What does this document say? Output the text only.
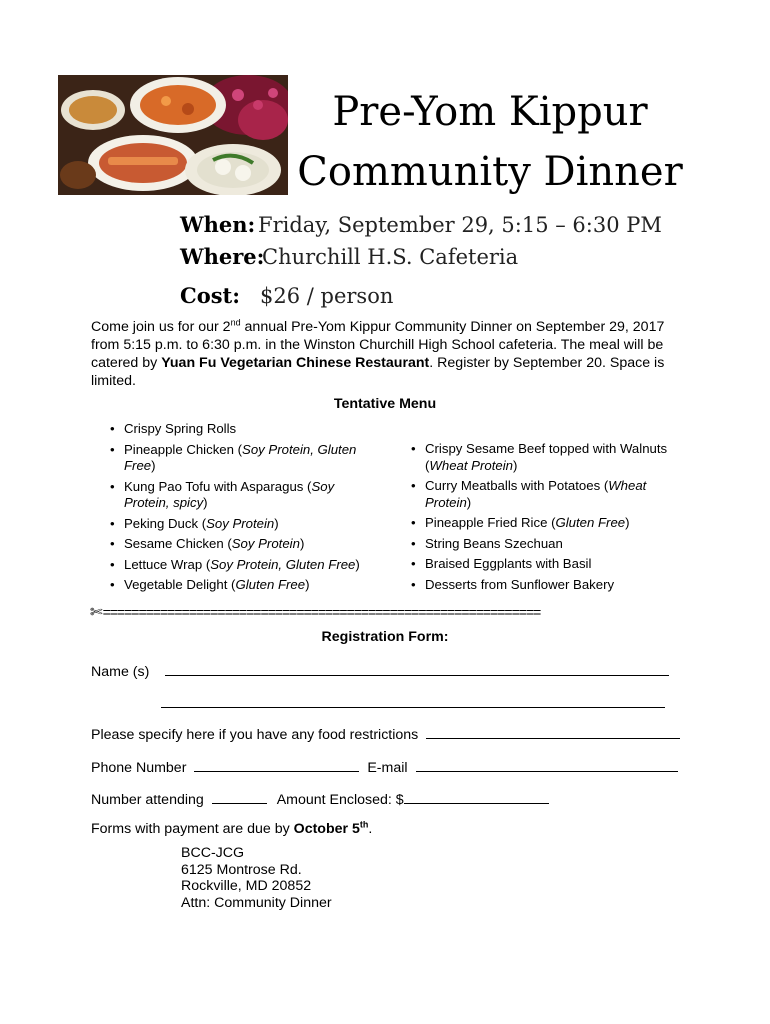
Pre-Yom Kippur
Community Dinner
When: Friday, September 29, 5:15 – 6:30 PM
Where:Churchill H.S. Cafeteria
Cost: $26 / person
Come join us for our 2nd annual Pre-Yom Kippur Community Dinner on September 29, 2017 from 5:15 p.m. to 6:30 p.m. in the Winston Churchill High School cafeteria. The meal will be catered by Yuan Fu Vegetarian Chinese Restaurant. Register by September 20. Space is limited.
Tentative Menu
• Crispy Spring Rolls
• Pineapple Chicken (Soy Protein, Gluten Free)
• Kung Pao Tofu with Asparagus (Soy Protein, spicy)
• Peking Duck (Soy Protein)
• Sesame Chicken (Soy Protein)
• Lettuce Wrap (Soy Protein, Gluten Free)
• Vegetable Delight (Gluten Free)
• Crispy Sesame Beef topped with Walnuts (Wheat Protein)
• Curry Meatballs with Potatoes (Wheat Protein)
• Pineapple Fried Rice (Gluten Free)
• String Beans Szechuan
• Braised Eggplants with Basil
• Desserts from Sunflower Bakery
✄=============================================================
Registration Form:
Name (s)
Please specify here if you have any food restrictions
Phone Number	E-mail
Number attending	Amount Enclosed: $
Forms with payment are due by October 5th.
BCC-JCG
6125 Montrose Rd.
Rockville, MD 20852
Attn: Community Dinner
